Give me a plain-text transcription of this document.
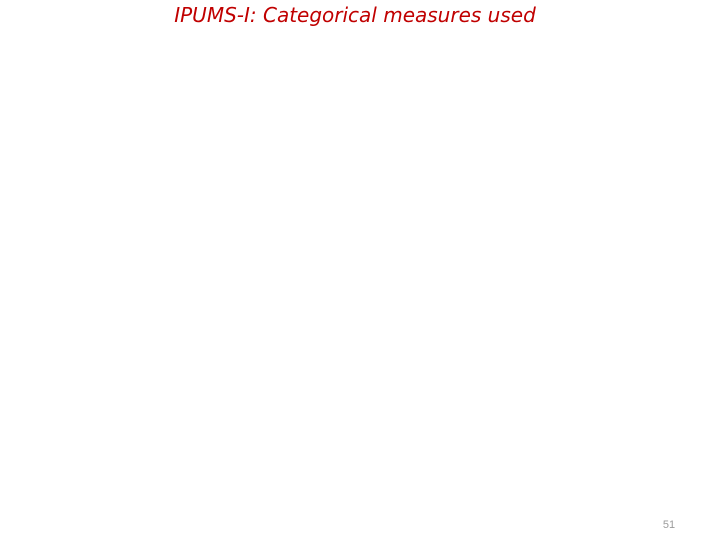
IPUMS-I: Categorical measures used
51
